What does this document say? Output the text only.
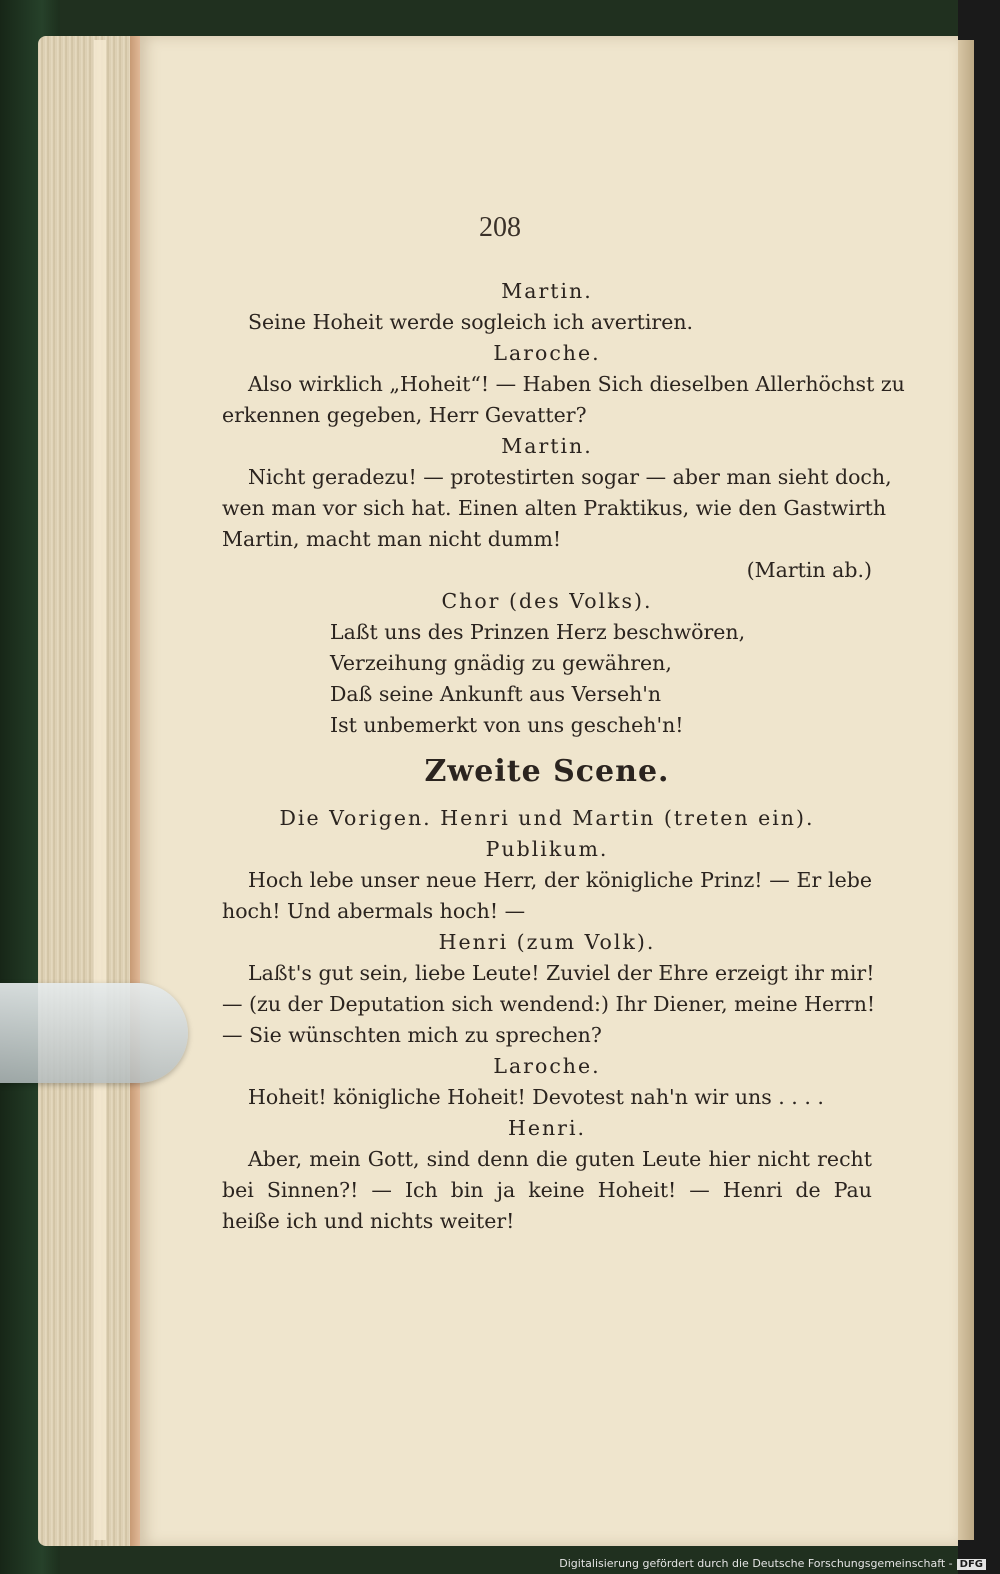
208
Martin.
Seine Hoheit werde sogleich ich avertiren.
Laroche.
Also wirklich „Hoheit“! — Haben Sich dieselben Allerhöchst zu
erkennen gegeben, Herr Gevatter?
Martin.
Nicht geradezu! — protestirten sogar — aber man sieht doch,
wen man vor sich hat. Einen alten Praktikus, wie den Gastwirth
Martin, macht man nicht dumm!
(Martin ab.)
Chor (des Volks).
Laßt uns des Prinzen Herz beschwören,
Verzeihung gnädig zu gewähren,
Daß seine Ankunft aus Verseh'n
Ist unbemerkt von uns gescheh'n!
Zweite Scene.
Die Vorigen. Henri und Martin (treten ein).
Publikum.
Hoch lebe unser neue Herr, der königliche Prinz! — Er lebe
hoch! Und abermals hoch! —
Henri (zum Volk).
Laßt's gut sein, liebe Leute! Zuviel der Ehre erzeigt ihr mir!
— (zu der Deputation sich wendend:) Ihr Diener, meine Herrn!
— Sie wünschten mich zu sprechen?
Laroche.
Hoheit! königliche Hoheit! Devotest nah'n wir uns . . . .
Henri.
Aber, mein Gott, sind denn die guten Leute hier nicht recht
bei Sinnen?! — Ich bin ja keine Hoheit! — Henri de Pau
heiße ich und nichts weiter!
Digitalisierung gefördert durch die Deutsche Forschungsgemeinschaft - DFG
